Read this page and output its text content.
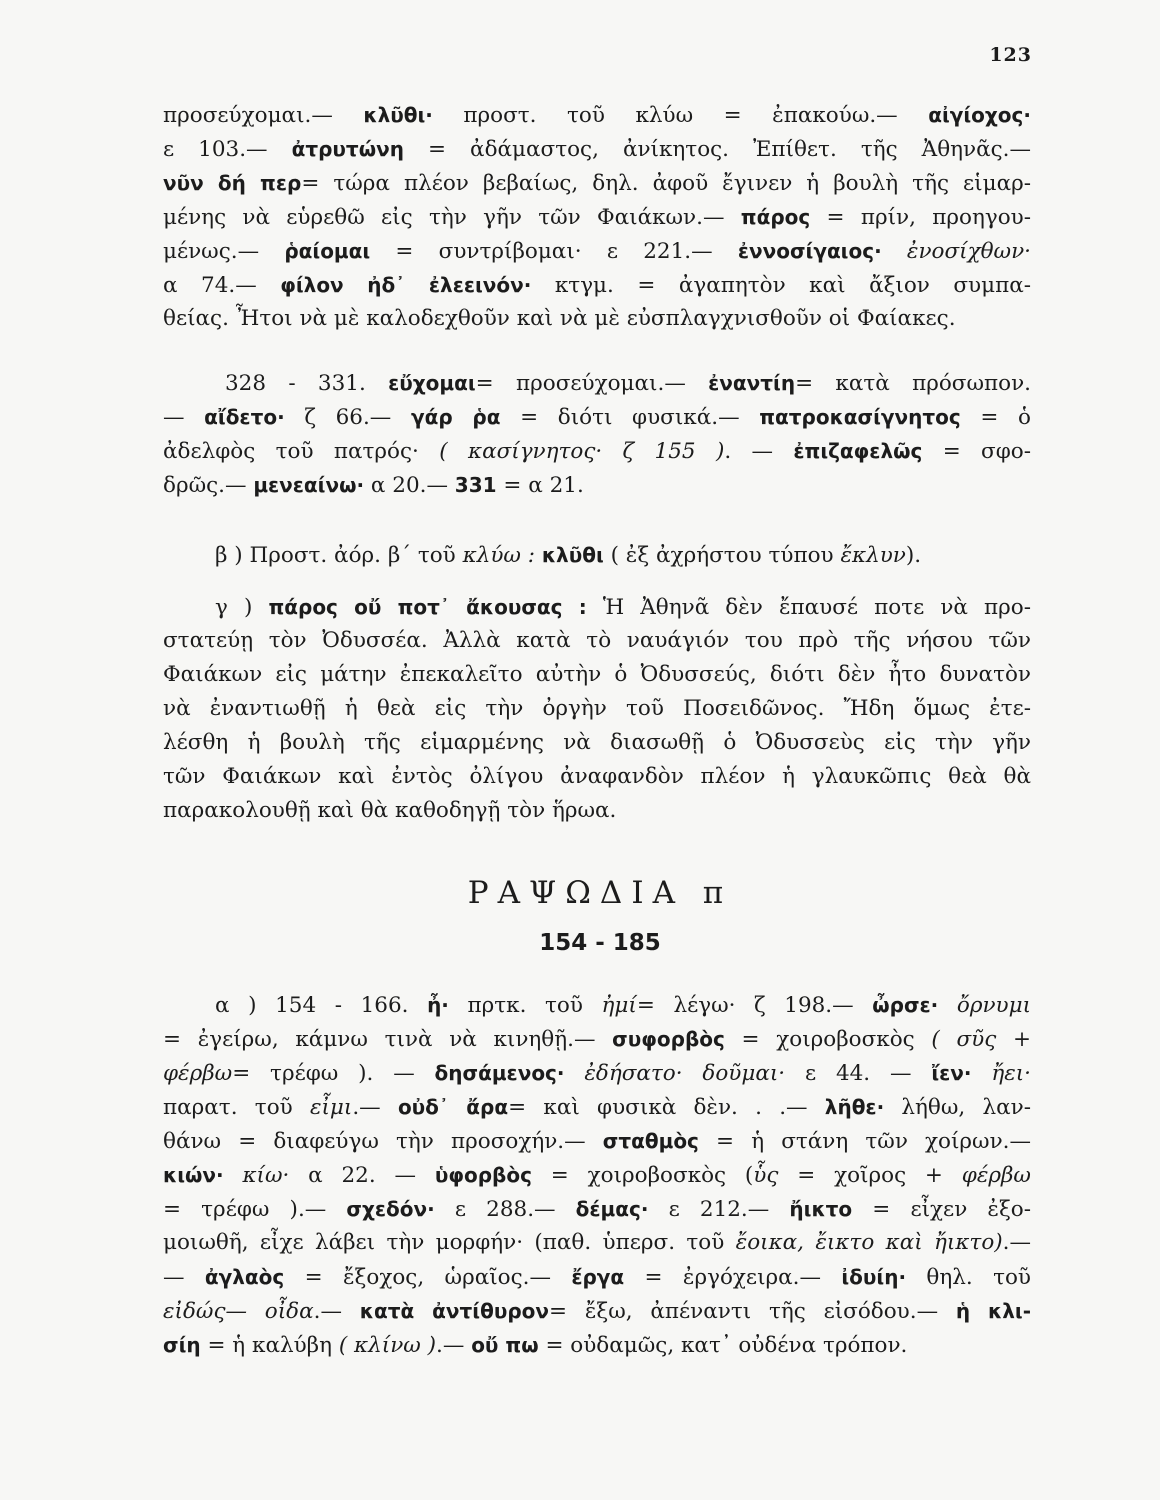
123
προσεύχομαι.— κλῦθι· προστ. τοῦ κλύω = ἐπακούω.— αἰγίοχος·
ε 103.— ἀτρυτώνη = ἀδάμαστος, ἀνίκητος. Ἐπίθετ. τῆς Ἀθηνᾶς.—
νῦν δή περ= τώρα πλέον βεβαίως, δηλ. ἀφοῦ ἔγινεν ἡ βουλὴ τῆς εἱμαρ-
μένης νὰ εὑρεθῶ εἰς τὴν γῆν τῶν Φαιάκων.— πάρος = πρίν, προηγου-
μένως.— ῥαίομαι = συντρίβομαι· ε 221.— ἐννοσίγαιος· ἐνοσίχθων·
α 74.— φίλον ἠδ᾽ ἐλεεινόν· κτγμ. = ἀγαπητὸν καὶ ἄξιον συμπα-
θείας. Ἦτοι νὰ μὲ καλοδεχθοῦν καὶ νὰ μὲ εὐσπλαγχνισθοῦν οἱ Φαίακες.
328 - 331. εὔχομαι= προσεύχομαι.— ἐναντίη= κατὰ πρόσωπον.
— αἴδετο· ζ 66.— γάρ ῥα = διότι φυσικά.— πατροκασίγνητος = ὁ
ἀδελφὸς τοῦ πατρός· ( κασίγνητος· ζ 155 ). — ἐπιζαφελῶς = σφο-
δρῶς.— μενεαίνω· α 20.— 331 = α 21.
β ) Προστ. ἀόρ. β΄ τοῦ κλύω : κλῦθι ( ἐξ ἀχρήστου τύπου ἔκλυν).
γ ) πάρος οὔ ποτ᾽ ἄκουσας : Ἡ Ἀθηνᾶ δὲν ἔπαυσέ ποτε νὰ προ-
στατεύῃ τὸν Ὀδυσσέα. Ἀλλὰ κατὰ τὸ ναυάγιόν του πρὸ τῆς νήσου τῶν
Φαιάκων εἰς μάτην ἐπεκαλεῖτο αὐτὴν ὁ Ὀδυσσεύς, διότι δὲν ἦτο δυνατὸν
νὰ ἐναντιωθῇ ἡ θεὰ εἰς τὴν ὀργὴν τοῦ Ποσειδῶνος. Ἤδη ὅμως ἐτε-
λέσθη ἡ βουλὴ τῆς εἱμαρμένης νὰ διασωθῇ ὁ Ὀδυσσεὺς εἰς τὴν γῆν
τῶν Φαιάκων καὶ ἐντὸς ὀλίγου ἀναφανδὸν πλέον ἡ γλαυκῶπις θεὰ θὰ
παρακολουθῇ καὶ θὰ καθοδηγῇ τὸν ἥρωα.
ΡΑΨΩΔΙΑ π
154 - 185
α ) 154 - 166. ἦ· πρτκ. τοῦ ἠμί= λέγω· ζ 198.— ὦρσε· ὄρνυμι
= ἐγείρω, κάμνω τινὰ νὰ κινηθῇ.— συφορβὸς = χοιροβοσκὸς ( σῦς +
φέρβω= τρέφω ). — δησάμενος· ἐδήσατο· δοῦμαι· ε 44. — ἴεν· ἤει·
παρατ. τοῦ εἶμι.— οὐδ᾽ ἄρα= καὶ φυσικὰ δὲν. . .— λῆθε· λήθω, λαν-
θάνω = διαφεύγω τὴν προσοχήν.— σταθμὸς = ἡ στάνη τῶν χοίρων.—
κιών· κίω· α 22. — ὑφορβὸς = χοιροβοσκὸς (ὗς = χοῖρος + φέρβω
= τρέφω ).— σχεδόν· ε 288.— δέμας· ε 212.— ἤικτο = εἶχεν ἐξο-
μοιωθῆ, εἶχε λάβει τὴν μορφήν· (παθ. ὑπερσ. τοῦ ἔοικα, ἔικτο καὶ ἤικτο).—
— ἀγλαὸς = ἔξοχος, ὡραῖος.— ἔργα = ἐργόχειρα.— ἰδυίη· θηλ. τοῦ
εἰδώς— οἶδα.— κατὰ ἀντίθυρον= ἔξω, ἀπέναντι τῆς εἰσόδου.— ἡ κλι-
σίη = ἡ καλύβη ( κλίνω ).— οὔ πω = οὐδαμῶς, κατ᾽ οὐδένα τρόπον.
